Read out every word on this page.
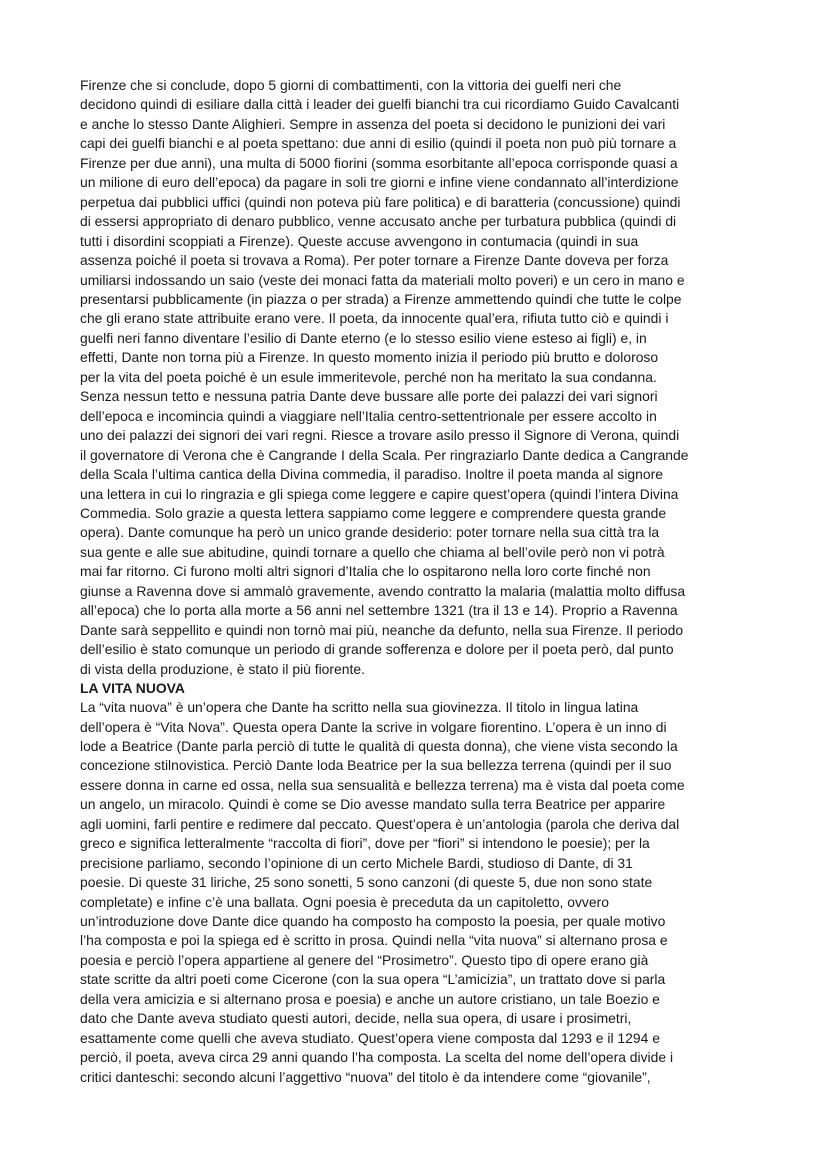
Firenze che si conclude, dopo 5 giorni di combattimenti, con la vittoria dei guelfi neri che
decidono quindi di esiliare dalla città i leader dei guelfi bianchi tra cui ricordiamo Guido Cavalcanti
e anche lo stesso Dante Alighieri. Sempre in assenza del poeta si decidono le punizioni dei vari
capi dei guelfi bianchi e al poeta spettano: due anni di esilio (quindi il poeta non può più tornare a
Firenze per due anni), una multa di 5000 fiorini (somma esorbitante all’epoca corrisponde quasi a
un milione di euro dell’epoca) da pagare in soli tre giorni e infine viene condannato all’interdizione
perpetua dai pubblici uffici (quindi non poteva più fare politica) e di baratteria (concussione) quindi
di essersi appropriato di denaro pubblico, venne accusato anche per turbatura pubblica (quindi di
tutti i disordini scoppiati a Firenze). Queste accuse avvengono in contumacia (quindi in sua
assenza poiché il poeta si trovava a Roma). Per poter tornare a Firenze Dante doveva per forza
umiliarsi indossando un saio (veste dei monaci fatta da materiali molto poveri) e un cero in mano e
presentarsi pubblicamente (in piazza o per strada) a Firenze ammettendo quindi che tutte le colpe
che gli erano state attribuite erano vere. Il poeta, da innocente qual’era, rifiuta tutto ciò e quindi i
guelfi neri fanno diventare l’esilio di Dante eterno (e lo stesso esilio viene esteso ai figli) e, in
effetti, Dante non torna più a Firenze. In questo momento inizia il periodo più brutto e doloroso
per la vita del poeta poiché è un esule immeritevole, perché non ha meritato la sua condanna.
Senza nessun tetto e nessuna patria Dante deve bussare alle porte dei palazzi dei vari signori
dell’epoca e incomincia quindi a viaggiare nell’Italia centro-settentrionale per essere accolto in
uno dei palazzi dei signori dei vari regni. Riesce a trovare asilo presso il Signore di Verona, quindi
il governatore di Verona che è Cangrande I della Scala. Per ringraziarlo Dante dedica a Cangrande
della Scala l’ultima cantica della Divina commedia, il paradiso. Inoltre il poeta manda al signore
una lettera in cui lo ringrazia e gli spiega come leggere e capire quest’opera (quindi l’intera Divina
Commedia. Solo grazie a questa lettera sappiamo come leggere e comprendere questa grande
opera). Dante comunque ha però un unico grande desiderio: poter tornare nella sua città tra la
sua gente e alle sue abitudine, quindi tornare a quello che chiama al bell’ovile però non vi potrà
mai far ritorno. Ci furono molti altri signori d’Italia che lo ospitarono nella loro corte finché non
giunse a Ravenna dove si ammalò gravemente, avendo contratto la malaria (malattia molto diffusa
all’epoca) che lo porta alla morte a 56 anni nel settembre 1321 (tra il 13 e 14). Proprio a Ravenna
Dante sarà seppellito e quindi non tornò mai più, neanche da defunto, nella sua Firenze. Il periodo
dell’esilio è stato comunque un periodo di grande sofferenza e dolore per il poeta però, dal punto
di vista della produzione, è stato il più fiorente.

LA VITA NUOVA

La “vita nuova” è un’opera che Dante ha scritto nella sua giovinezza. Il titolo in lingua latina
dell’opera è “Vita Nova”. Questa opera Dante la scrive in volgare fiorentino. L’opera è un inno di
lode a Beatrice (Dante parla perciò di tutte le qualità di questa donna), che viene vista secondo la
concezione stilnovistica. Perciò Dante loda Beatrice per la sua bellezza terrena (quindi per il suo
essere donna in carne ed ossa, nella sua sensualità e bellezza terrena) ma è vista dal poeta come
un angelo, un miracolo. Quindi è come se Dio avesse mandato sulla terra Beatrice per apparire
agli uomini, farli pentire e redimere dal peccato. Quest’opera è un’antologia (parola che deriva dal
greco e significa letteralmente “raccolta di fiori”, dove per “fiori” si intendono le poesie); per la
precisione parliamo, secondo l’opinione di un certo Michele Bardi, studioso di Dante, di 31
poesie. Di queste 31 liriche, 25 sono sonetti, 5 sono canzoni (di queste 5, due non sono state
completate) e infine c’è una ballata. Ogni poesia è preceduta da un capitoletto, ovvero
un’introduzione dove Dante dice quando ha composto ha composto la poesia, per quale motivo
l’ha composta e poi la spiega ed è scritto in prosa. Quindi nella “vita nuova” si alternano prosa e
poesia e perciò l’opera appartiene al genere del “Prosimetro”. Questo tipo di opere erano già
state scritte da altri poeti come Cicerone (con la sua opera “L’amicizia”, un trattato dove si parla
della vera amicizia e si alternano prosa e poesia) e anche un autore cristiano, un tale Boezio e
dato che Dante aveva studiato questi autori, decide, nella sua opera, di usare i prosimetri,
esattamente come quelli che aveva studiato. Quest’opera viene composta dal 1293 e il 1294 e
perciò, il poeta, aveva circa 29 anni quando l’ha composta. La scelta del nome dell’opera divide i
critici danteschi: secondo alcuni l’aggettivo “nuova” del titolo è da intendere come “giovanile”,
